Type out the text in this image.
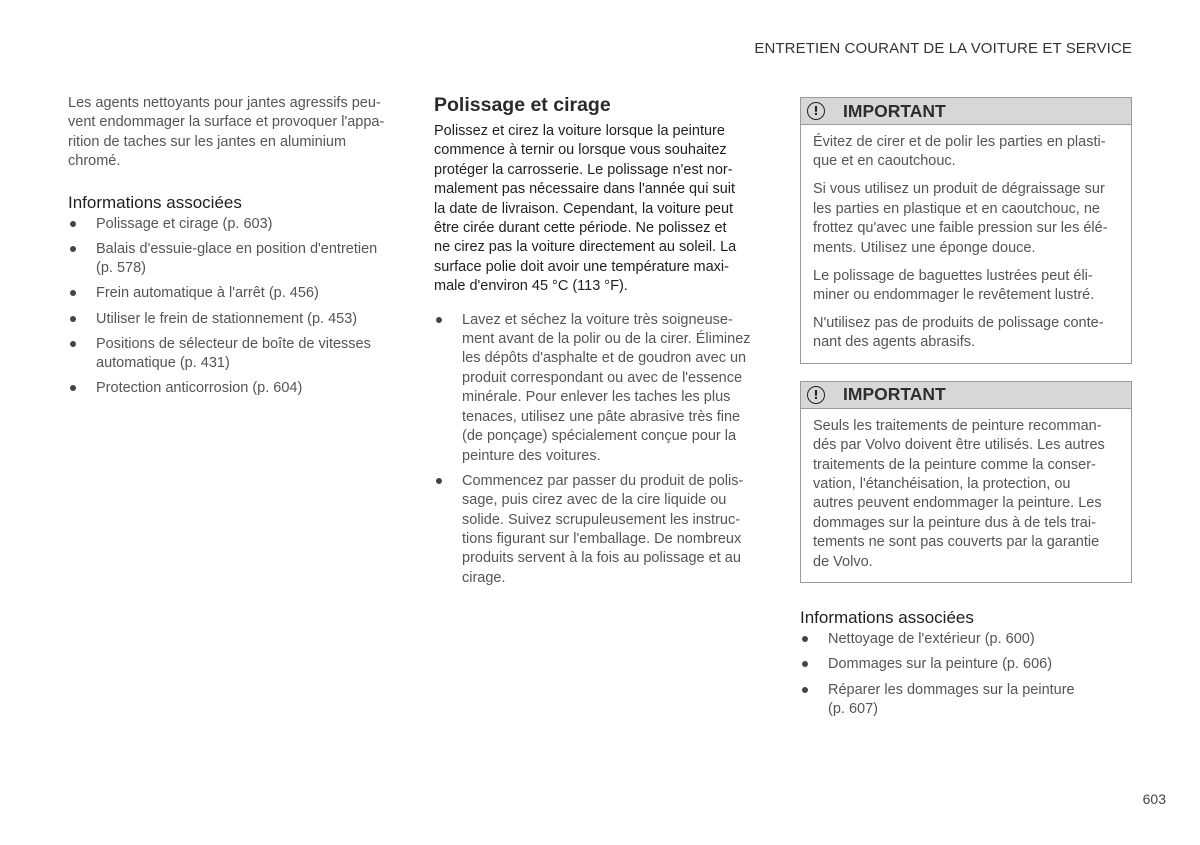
ENTRETIEN COURANT DE LA VOITURE ET SERVICE

Les agents nettoyants pour jantes agressifs peu-
vent endommager la surface et provoquer l'appa-
rition de taches sur les jantes en aluminium
chromé.

Informations associées
Polissage et cirage (p. 603)
Balais d'essuie-glace en position d'entretien
(p. 578)
Frein automatique à l'arrêt (p. 456)
Utiliser le frein de stationnement (p. 453)
Positions de sélecteur de boîte de vitesses
automatique (p. 431)
Protection anticorrosion (p. 604)
Polissage et cirage

Polissez et cirez la voiture lorsque la peinture
commence à ternir ou lorsque vous souhaitez
protéger la carrosserie. Le polissage n'est nor-
malement pas nécessaire dans l'année qui suit
la date de livraison. Cependant, la voiture peut
être cirée durant cette période. Ne polissez et
ne cirez pas la voiture directement au soleil. La
surface polie doit avoir une température maxi-
male d'environ 45 °C (113 °F).

Lavez et séchez la voiture très soigneuse-
ment avant de la polir ou de la cirer. Éliminez
les dépôts d'asphalte et de goudron avec un
produit correspondant ou avec de l'essence
minérale. Pour enlever les taches les plus
tenaces, utilisez une pâte abrasive très fine
(de ponçage) spécialement conçue pour la
peinture des voitures.
Commencez par passer du produit de polis-
sage, puis cirez avec de la cire liquide ou
solide. Suivez scrupuleusement les instruc-
tions figurant sur l'emballage. De nombreux
produits servent à la fois au polissage et au
cirage.
!	IMPORTANT

Évitez de cirer et de polir les parties en plasti-
que et en caoutchouc.

Si vous utilisez un produit de dégraissage sur
les parties en plastique et en caoutchouc, ne
frottez qu'avec une faible pression sur les élé-
ments. Utilisez une éponge douce.

Le polissage de baguettes lustrées peut éli-
miner ou endommager le revêtement lustré.

N'utilisez pas de produits de polissage conte-
nant des agents abrasifs.

!	IMPORTANT

Seuls les traitements de peinture recomman-
dés par Volvo doivent être utilisés. Les autres
traitements de la peinture comme la conser-
vation, l'étanchéisation, la protection, ou
autres peuvent endommager la peinture. Les
dommages sur la peinture dus à de tels trai-
tements ne sont pas couverts par la garantie
de Volvo.

Informations associées
Nettoyage de l'extérieur (p. 600)
Dommages sur la peinture (p. 606)
Réparer les dommages sur la peinture
(p. 607)
603
